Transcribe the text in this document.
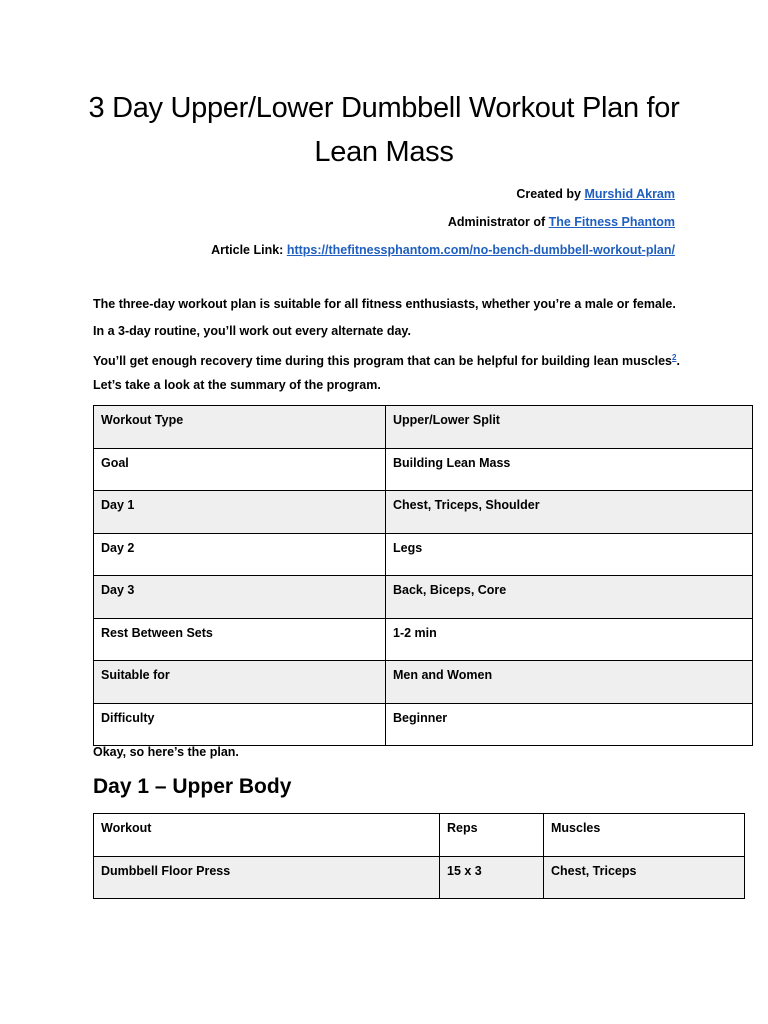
3 Day Upper/Lower Dumbbell Workout Plan for Lean Mass
Created by Murshid Akram
Administrator of The Fitness Phantom
Article Link: https://thefitnessphantom.com/no-bench-dumbbell-workout-plan/
The three-day workout plan is suitable for all fitness enthusiasts, whether you’re a male or female.
In a 3-day routine, you’ll work out every alternate day.
You’ll get enough recovery time during this program that can be helpful for building lean muscles$^2$.
Let’s take a look at the summary of the program.
Workout Type	Upper/Lower Split
Goal	Building Lean Mass
Day 1	Chest, Triceps, Shoulder
Day 2	Legs
Day 3	Back, Biceps, Core
Rest Between Sets	1-2 min
Suitable for	Men and Women
Difficulty	Beginner
Okay, so here’s the plan.
Day 1 – Upper Body
Workout	Reps	Muscles
Dumbbell Floor Press	15 x 3	Chest, Triceps
